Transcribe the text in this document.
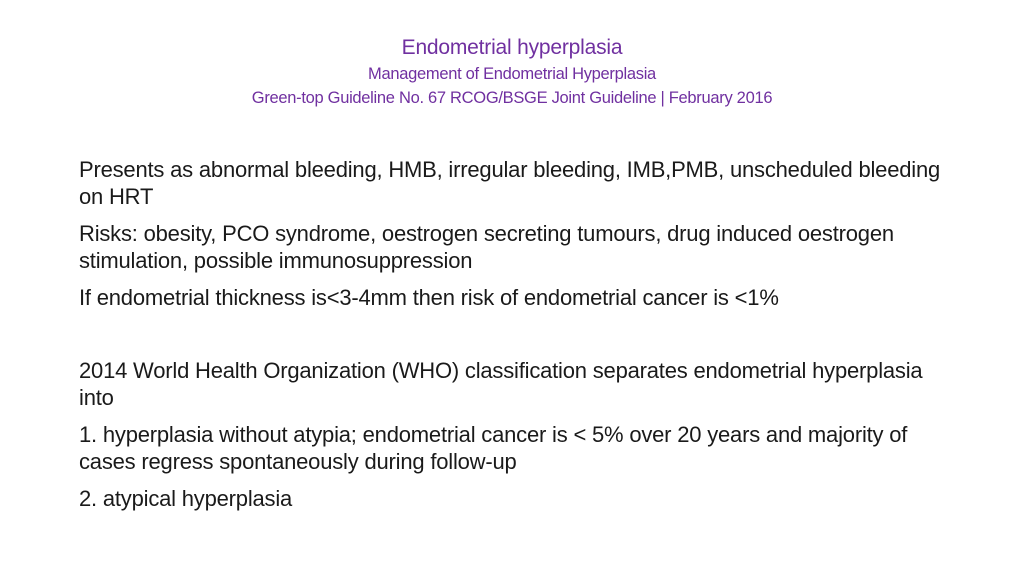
Endometrial hyperplasia
Management of Endometrial Hyperplasia
Green-top Guideline No. 67 RCOG/BSGE Joint Guideline | February 2016

Presents as abnormal bleeding, HMB, irregular bleeding, IMB,PMB, unscheduled bleeding on HRT

Risks: obesity, PCO syndrome, oestrogen secreting tumours, drug induced oestrogen stimulation, possible immunosuppression

If endometrial thickness is<3-4mm then risk of endometrial cancer is <1%

2014 World Health Organization (WHO) classification separates endometrial hyperplasia into

1. hyperplasia without atypia; endometrial cancer is < 5% over 20 years and majority of cases regress spontaneously during follow-up

2. atypical hyperplasia
